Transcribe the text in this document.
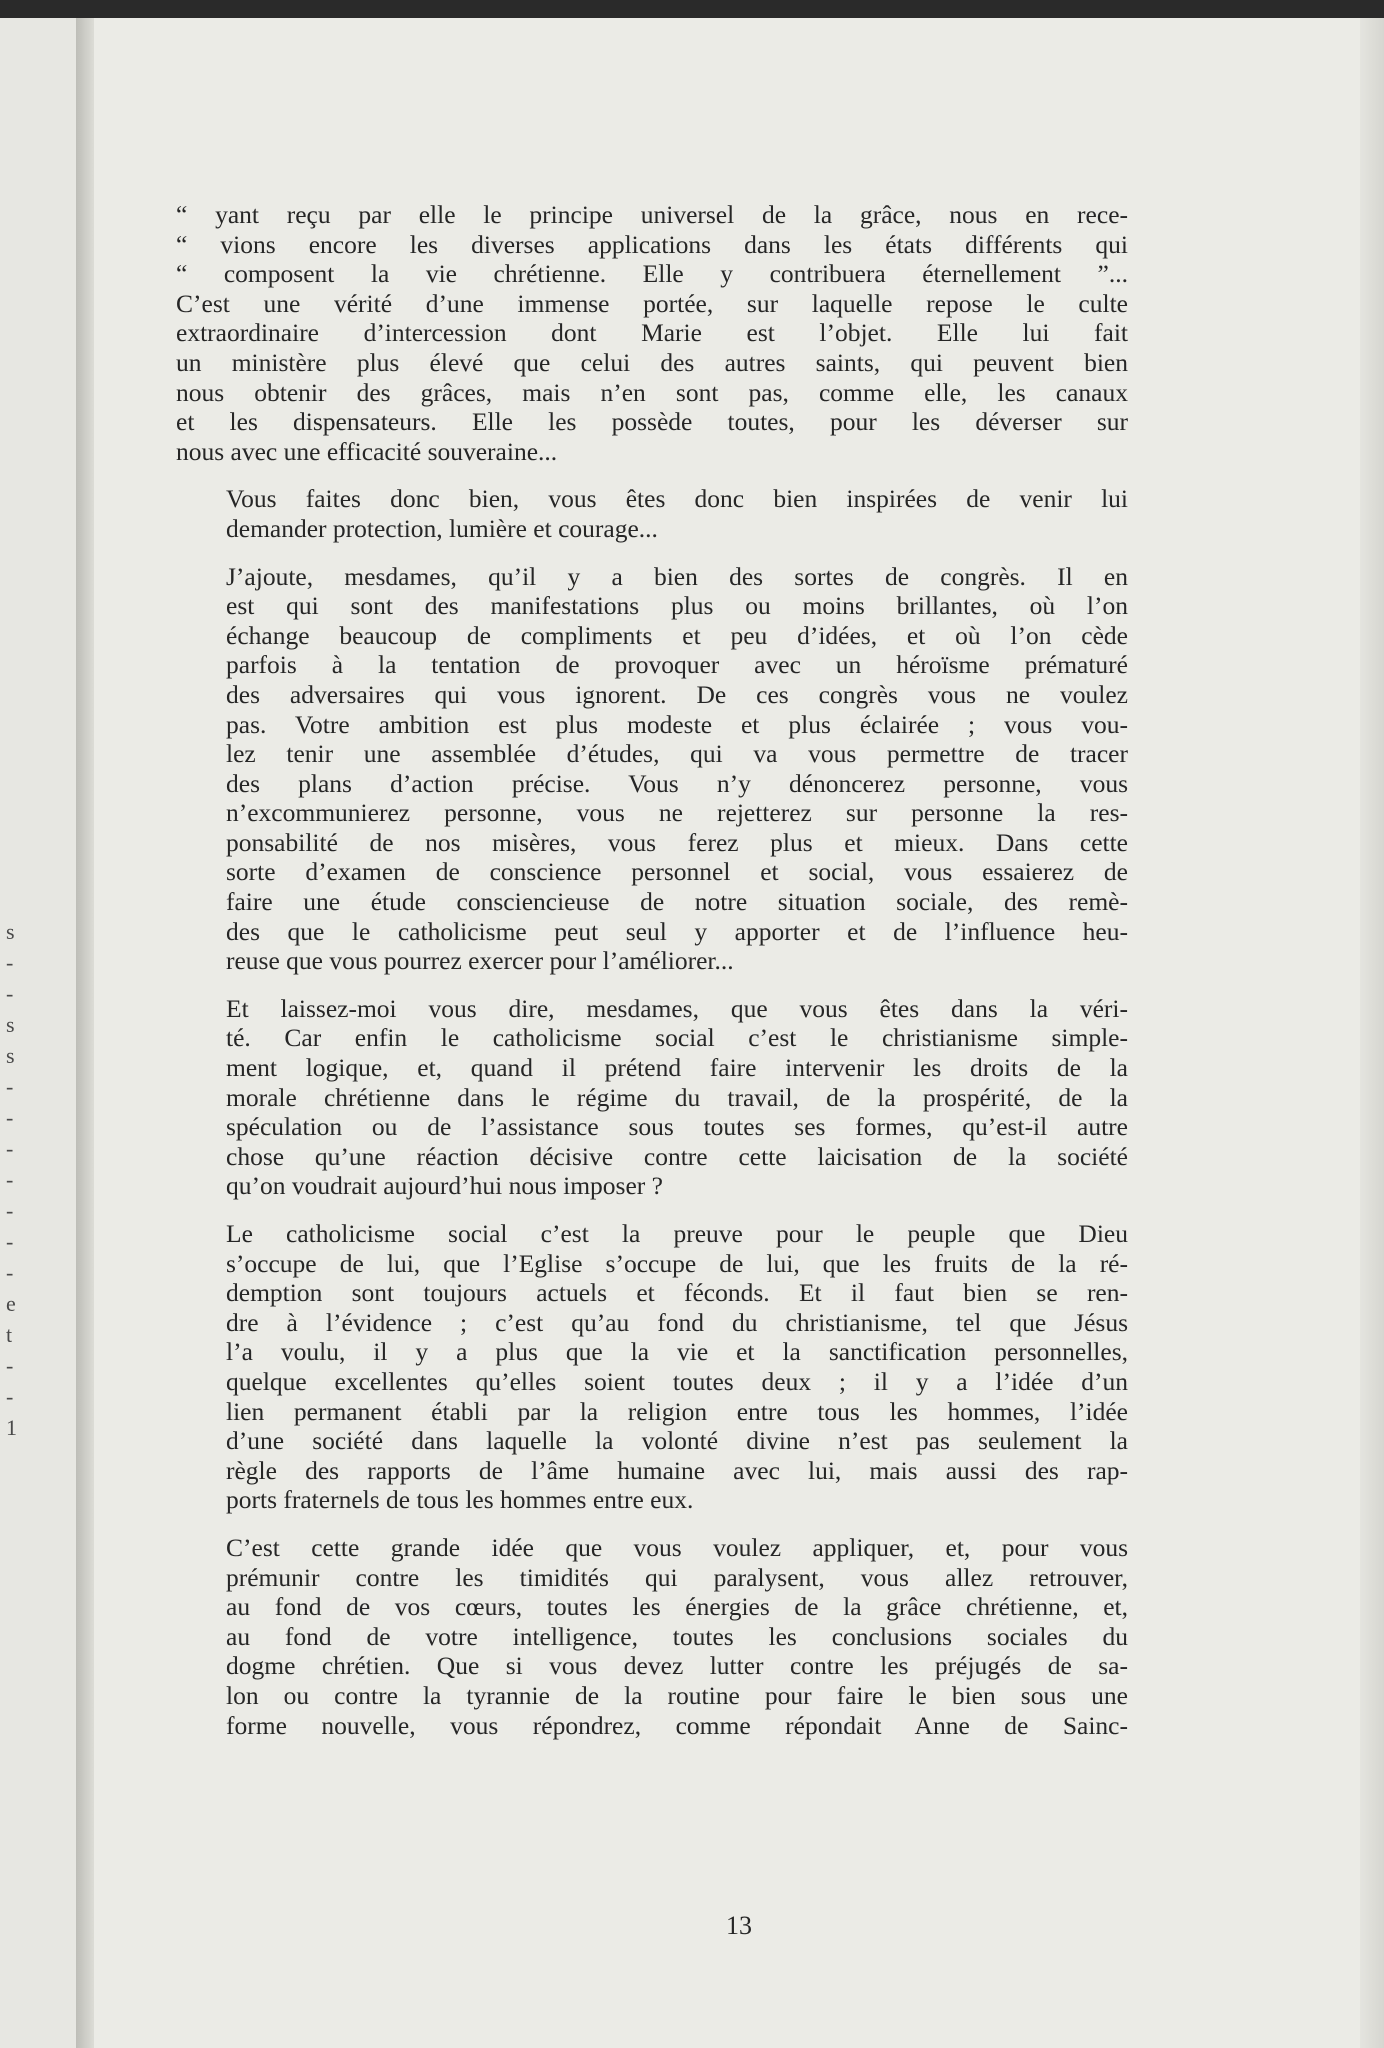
s
-
-
s
s
-
-
-
-
-
-
-
e
t
-
-
1

“ yant reçu par elle le principe universel de la grâce, nous en rece-
“ vions encore les diverses applications dans les états différents qui
“ composent la vie chrétienne. Elle y contribuera éternellement ”...
C’est une vérité d’une immense portée, sur laquelle repose le culte
extraordinaire d’intercession dont Marie est l’objet. Elle lui fait
un ministère plus élevé que celui des autres saints, qui peuvent bien
nous obtenir des grâces, mais n’en sont pas, comme elle, les canaux
et les dispensateurs. Elle les possède toutes, pour les déverser sur
nous avec une efficacité souveraine...

Vous faites donc bien, vous êtes donc bien inspirées de venir lui
demander protection, lumière et courage...

J’ajoute, mesdames, qu’il y a bien des sortes de congrès. Il en
est qui sont des manifestations plus ou moins brillantes, où l’on
échange beaucoup de compliments et peu d’idées, et où l’on cède
parfois à la tentation de provoquer avec un héroïsme prématuré
des adversaires qui vous ignorent. De ces congrès vous ne voulez
pas. Votre ambition est plus modeste et plus éclairée ; vous vou-
lez tenir une assemblée d’études, qui va vous permettre de tracer
des plans d’action précise. Vous n’y dénoncerez personne, vous
n’excommunierez personne, vous ne rejetterez sur personne la res-
ponsabilité de nos misères, vous ferez plus et mieux. Dans cette
sorte d’examen de conscience personnel et social, vous essaierez de
faire une étude consciencieuse de notre situation sociale, des remè-
des que le catholicisme peut seul y apporter et de l’influence heu-
reuse que vous pourrez exercer pour l’améliorer...

Et laissez-moi vous dire, mesdames, que vous êtes dans la véri-
té. Car enfin le catholicisme social c’est le christianisme simple-
ment logique, et, quand il prétend faire intervenir les droits de la
morale chrétienne dans le régime du travail, de la prospérité, de la
spéculation ou de l’assistance sous toutes ses formes, qu’est-il autre
chose qu’une réaction décisive contre cette laicisation de la société
qu’on voudrait aujourd’hui nous imposer ?

Le catholicisme social c’est la preuve pour le peuple que Dieu
s’occupe de lui, que l’Eglise s’occupe de lui, que les fruits de la ré-
demption sont toujours actuels et féconds. Et il faut bien se ren-
dre à l’évidence ; c’est qu’au fond du christianisme, tel que Jésus
l’a voulu, il y a plus que la vie et la sanctification personnelles,
quelque excellentes qu’elles soient toutes deux ; il y a l’idée d’un
lien permanent établi par la religion entre tous les hommes, l’idée
d’une société dans laquelle la volonté divine n’est pas seulement la
règle des rapports de l’âme humaine avec lui, mais aussi des rap-
ports fraternels de tous les hommes entre eux.

C’est cette grande idée que vous voulez appliquer, et, pour vous
prémunir contre les timidités qui paralysent, vous allez retrouver,
au fond de vos cœurs, toutes les énergies de la grâce chrétienne, et,
au fond de votre intelligence, toutes les conclusions sociales du
dogme chrétien. Que si vous devez lutter contre les préjugés de sa-
lon ou contre la tyrannie de la routine pour faire le bien sous une
forme nouvelle, vous répondrez, comme répondait Anne de Sainc-

13
